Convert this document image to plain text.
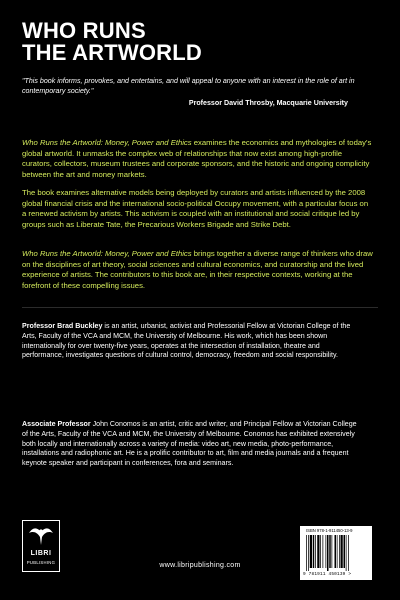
WHO RUNS
THE ARTWORLD
"This book informs, provokes, and entertains, and will appeal to anyone with an interest in the role of art in contemporary society."
Professor David Throsby, Macquarie University
Who Runs the Artworld: Money, Power and Ethics examines the economics and mythologies of today's global artworld. It unmasks the complex web of relationships that now exist among high-profile curators, collectors, museum trustees and corporate sponsors, and the historic and ongoing complicity between the art and money markets.
The book examines alternative models being deployed by curators and artists influenced by the 2008 global financial crisis and the international socio-political Occupy movement, with a particular focus on a renewed activism by artists. This activism is coupled with an institutional and social critique led by groups such as Liberate Tate, the Precarious Workers Brigade and Strike Debt.
Who Runs the Artworld: Money, Power and Ethics brings together a diverse range of thinkers who draw on the disciplines of art theory, social sciences and cultural economics, and curatorship and the lived experience of artists. The contributors to this book are, in their respective contexts, working at the forefront of these compelling issues.
Professor Brad Buckley is an artist, urbanist, activist and Professorial Fellow at Victorian College of the Arts, Faculty of the VCA and MCM, the University of Melbourne. His work, which has been shown internationally for over twenty-five years, operates at the intersection of installation, theatre and performance, investigates questions of cultural control, democracy, freedom and social responsibility.
Associate Professor John Conomos is an artist, critic and writer, and Principal Fellow at Victorian College of the Arts, Faculty of the VCA and MCM, the University of Melbourne. Conomos has exhibited extensively both locally and internationally across a variety of media: video art, new media, photo-performance, installations and radiophonic art. He is a prolific contributor to art, film and media journals and a frequent keynote speaker and participant in conferences, fora and seminars.
LIBRI
PUBLISHING	www.libripublishing.com
ISBN 978-1-911450-13-9
9 781911 450139 >
